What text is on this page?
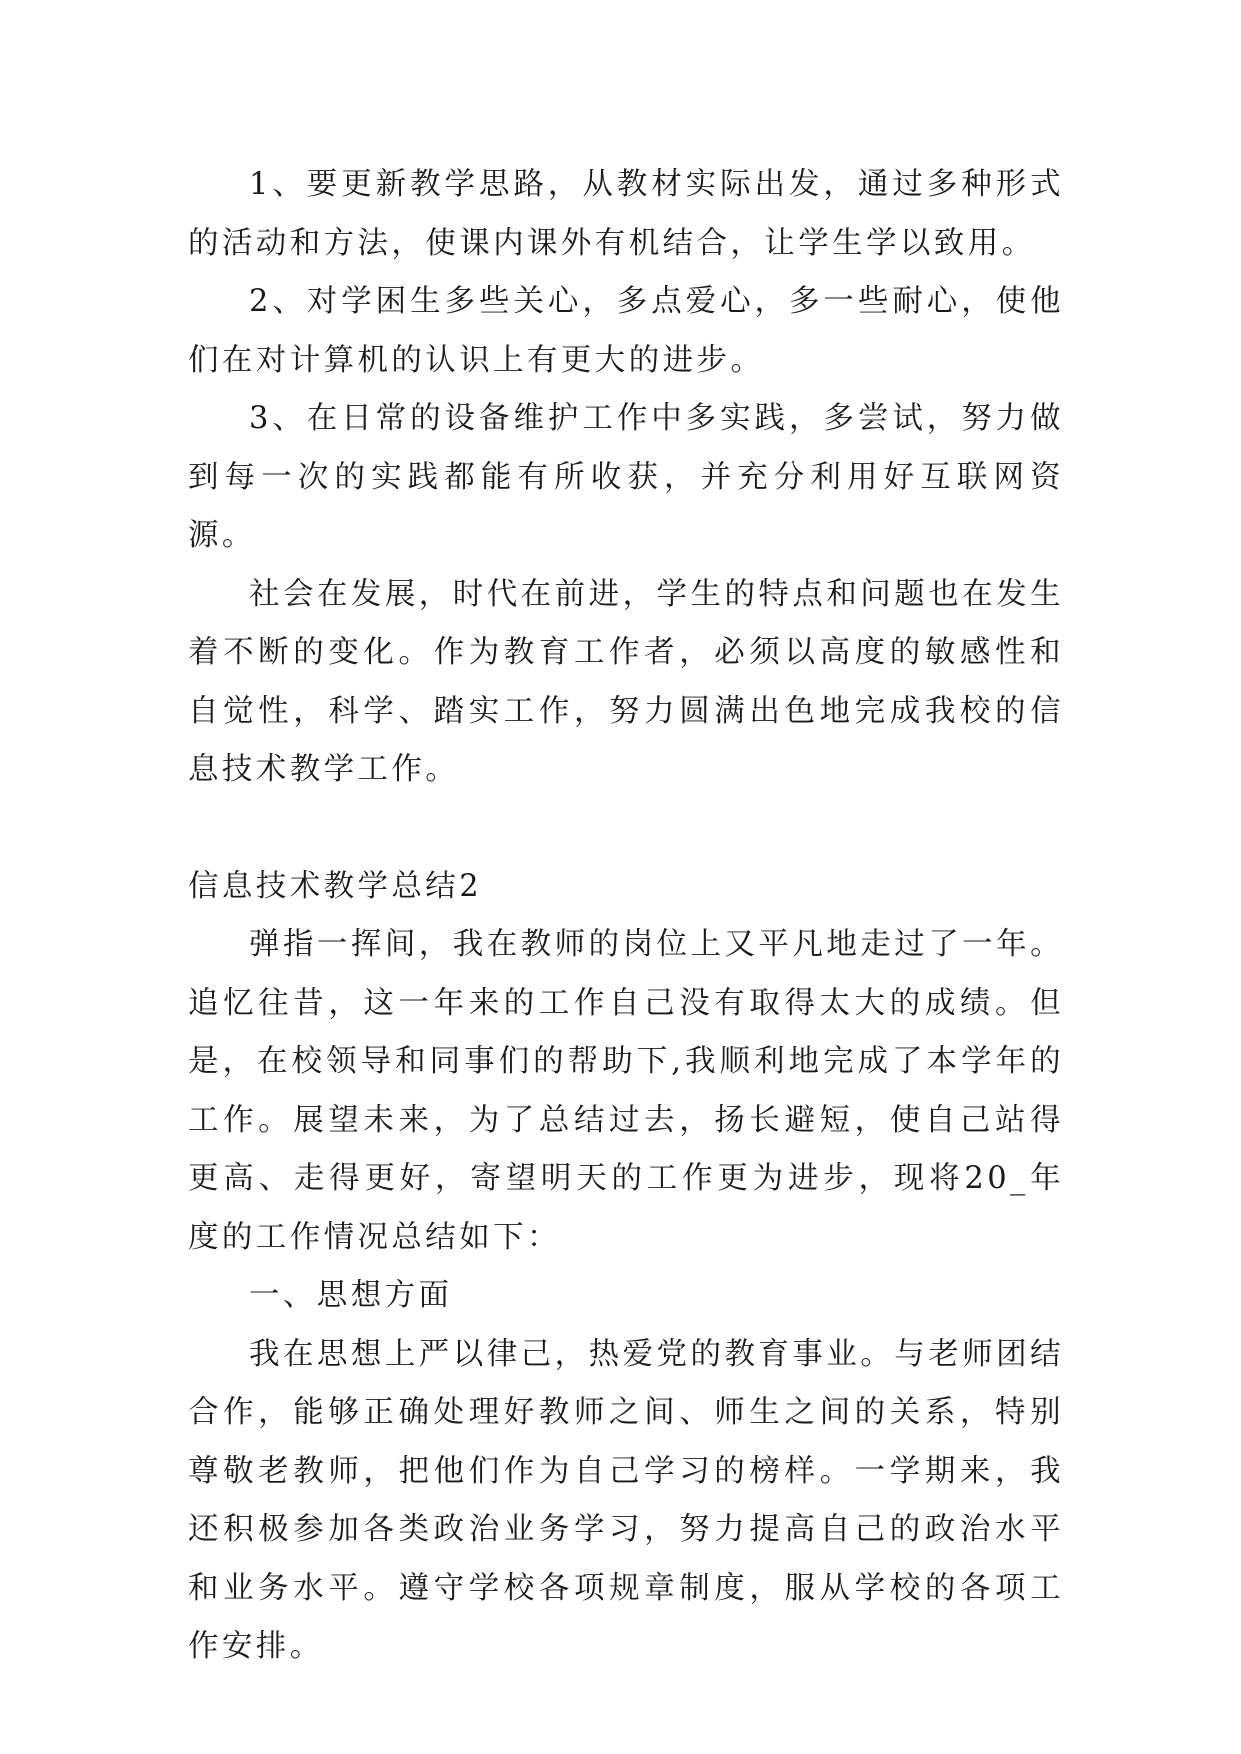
1、要更新教学思路，从教材实际出发，通过多种形式的活动和方法，使课内课外有机结合，让学生学以致用。

2、对学困生多些关心，多点爱心，多一些耐心，使他们在对计算机的认识上有更大的进步。

3、在日常的设备维护工作中多实践，多尝试，努力做到每一次的实践都能有所收获，并充分利用好互联网资源。

社会在发展，时代在前进，学生的特点和问题也在发生着不断的变化。作为教育工作者，必须以高度的敏感性和自觉性，科学、踏实工作，努力圆满出色地完成我校的信息技术教学工作。

信息技术教学总结2

弹指一挥间，我在教师的岗位上又平凡地走过了一年。追忆往昔，这一年来的工作自己没有取得太大的成绩。但是，在校领导和同事们的帮助下,我顺利地完成了本学年的工作。展望未来，为了总结过去，扬长避短，使自己站得更高、走得更好，寄望明天的工作更为进步，现将20_年度的工作情况总结如下：

一、思想方面

我在思想上严以律己，热爱党的教育事业。与老师团结合作，能够正确处理好教师之间、师生之间的关系，特别尊敬老教师，把他们作为自己学习的榜样。一学期来，我还积极参加各类政治业务学习，努力提高自己的政治水平和业务水平。遵守学校各项规章制度，服从学校的各项工作安排。
